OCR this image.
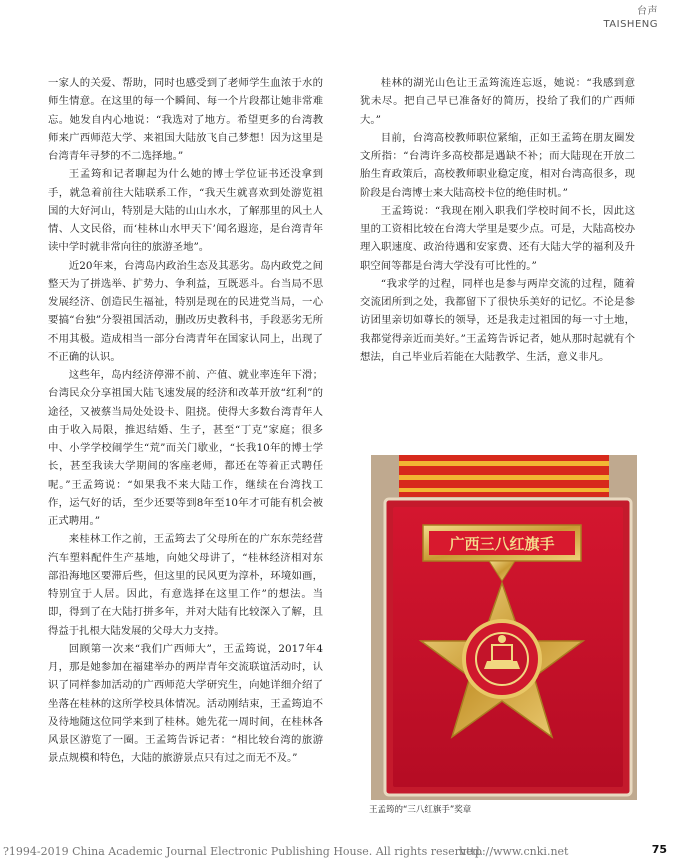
台声
TAISHENG

一家人的关爱、帮助，同时也感受到了老师学生血浓于水的师生情意。在这里的每一个瞬间、每一个片段都让她非常难忘。她发自内心地说：“我选对了地方。希望更多的台湾教师来广西师范大学、来祖国大陆放飞自己梦想！因为这里是台湾青年寻梦的不二选择地。”

王孟筠和记者聊起为什么她的博士学位证书还没拿到手，就急着前往大陆联系工作，“我天生就喜欢到处游览祖国的大好河山，特别是大陆的山山水水，了解那里的风土人情、人文民俗，而‘桂林山水甲天下’闻名遐迩，是台湾青年读中学时就非常向往的旅游圣地”。

近20年来，台湾岛内政治生态及其恶劣。岛内政党之间整天为了拼选举、扩势力、争利益，互既恶斗。台当局不思发展经济、创造民生福祉，特别是现在的民进党当局，一心要搞“台独”分裂祖国活动，删改历史教科书，手段恶劣无所不用其极。造成相当一部分台湾青年在国家认同上，出现了不正确的认识。

这些年，岛内经济停滞不前、产值、就业率连年下滑；台湾民众分享祖国大陆飞速发展的经济和改革开放“红利”的途径，又被蔡当局处处设卡、阻挠。使得大多数台湾青年人由于收入局限，推迟结婚、生子，甚至“丁克”家庭；很多中、小学学校闹学生“荒”而关门歇业，“长我10年的博士学长，甚至我读大学期间的客座老师，都还在等着正式聘任呢。”王孟筠说：“如果我不来大陆工作，继续在台湾找工作，运气好的话，至少还要等到8年至10年才可能有机会被正式聘用。”

来桂林工作之前，王孟筠去了父母所在的广东东莞经营汽车塑料配件生产基地，向她父母讲了，“桂林经济相对东部沿海地区要滞后些，但这里的民风更为淳朴，环境如画，特别宜于人居。因此，有意选择在这里工作”的想法。当即，得到了在大陆打拼多年，并对大陆有比较深入了解，且得益于扎根大陆发展的父母大力支持。

回顾第一次来“我们广西师大”，王孟筠说，2017年4月，那是她参加在福建举办的两岸青年交流联谊活动时，认识了同样参加活动的广西师范大学研究生，向她详细介绍了坐落在桂林的这所学校具体情况。活动刚结束，王孟筠迫不及待地随这位同学来到了桂林。她先花一周时间，在桂林各风景区游览了一圈。王孟筠告诉记者：“相比较台湾的旅游景点规模和特色，大陆的旅游景点只有过之而无不及。”

桂林的湖光山色让王孟筠流连忘返，她说：“我感到意犹未尽。把自己早已准备好的简历，投给了我们的广西师大。”

目前，台湾高校教师职位紧缩，正如王孟筠在朋友圈发文所指：“台湾许多高校都是遇缺不补；而大陆现在开放二胎生育政策后，高校教师职业稳定度，相对台湾高很多，现阶段是台湾博士来大陆高校卡位的绝佳时机。”

王孟筠说：“我现在刚入职我们学校时间不长，因此这里的工资相比较在台湾大学里是要少点。可是，大陆高校办理入职速度、政治待遇和安家费、还有大陆大学的福利及升职空间等都是台湾大学没有可比性的。”

“我求学的过程，同样也是参与两岸交流的过程，随着交流团所到之处，我都留下了很快乐美好的记忆。不论是参访团里亲切如尊长的领导，还是我走过祖国的每一寸土地，我都觉得亲近而美好。”王孟筠告诉记者，她从那时起就有个想法，自己毕业后若能在大陆教学、生活，意义非凡。

广西三八红旗手
王孟筠的“三八红旗手”奖章
?1994-2019 China Academic Journal Electronic Publishing House. All rights reserved.
http://www.cnki.net	75
